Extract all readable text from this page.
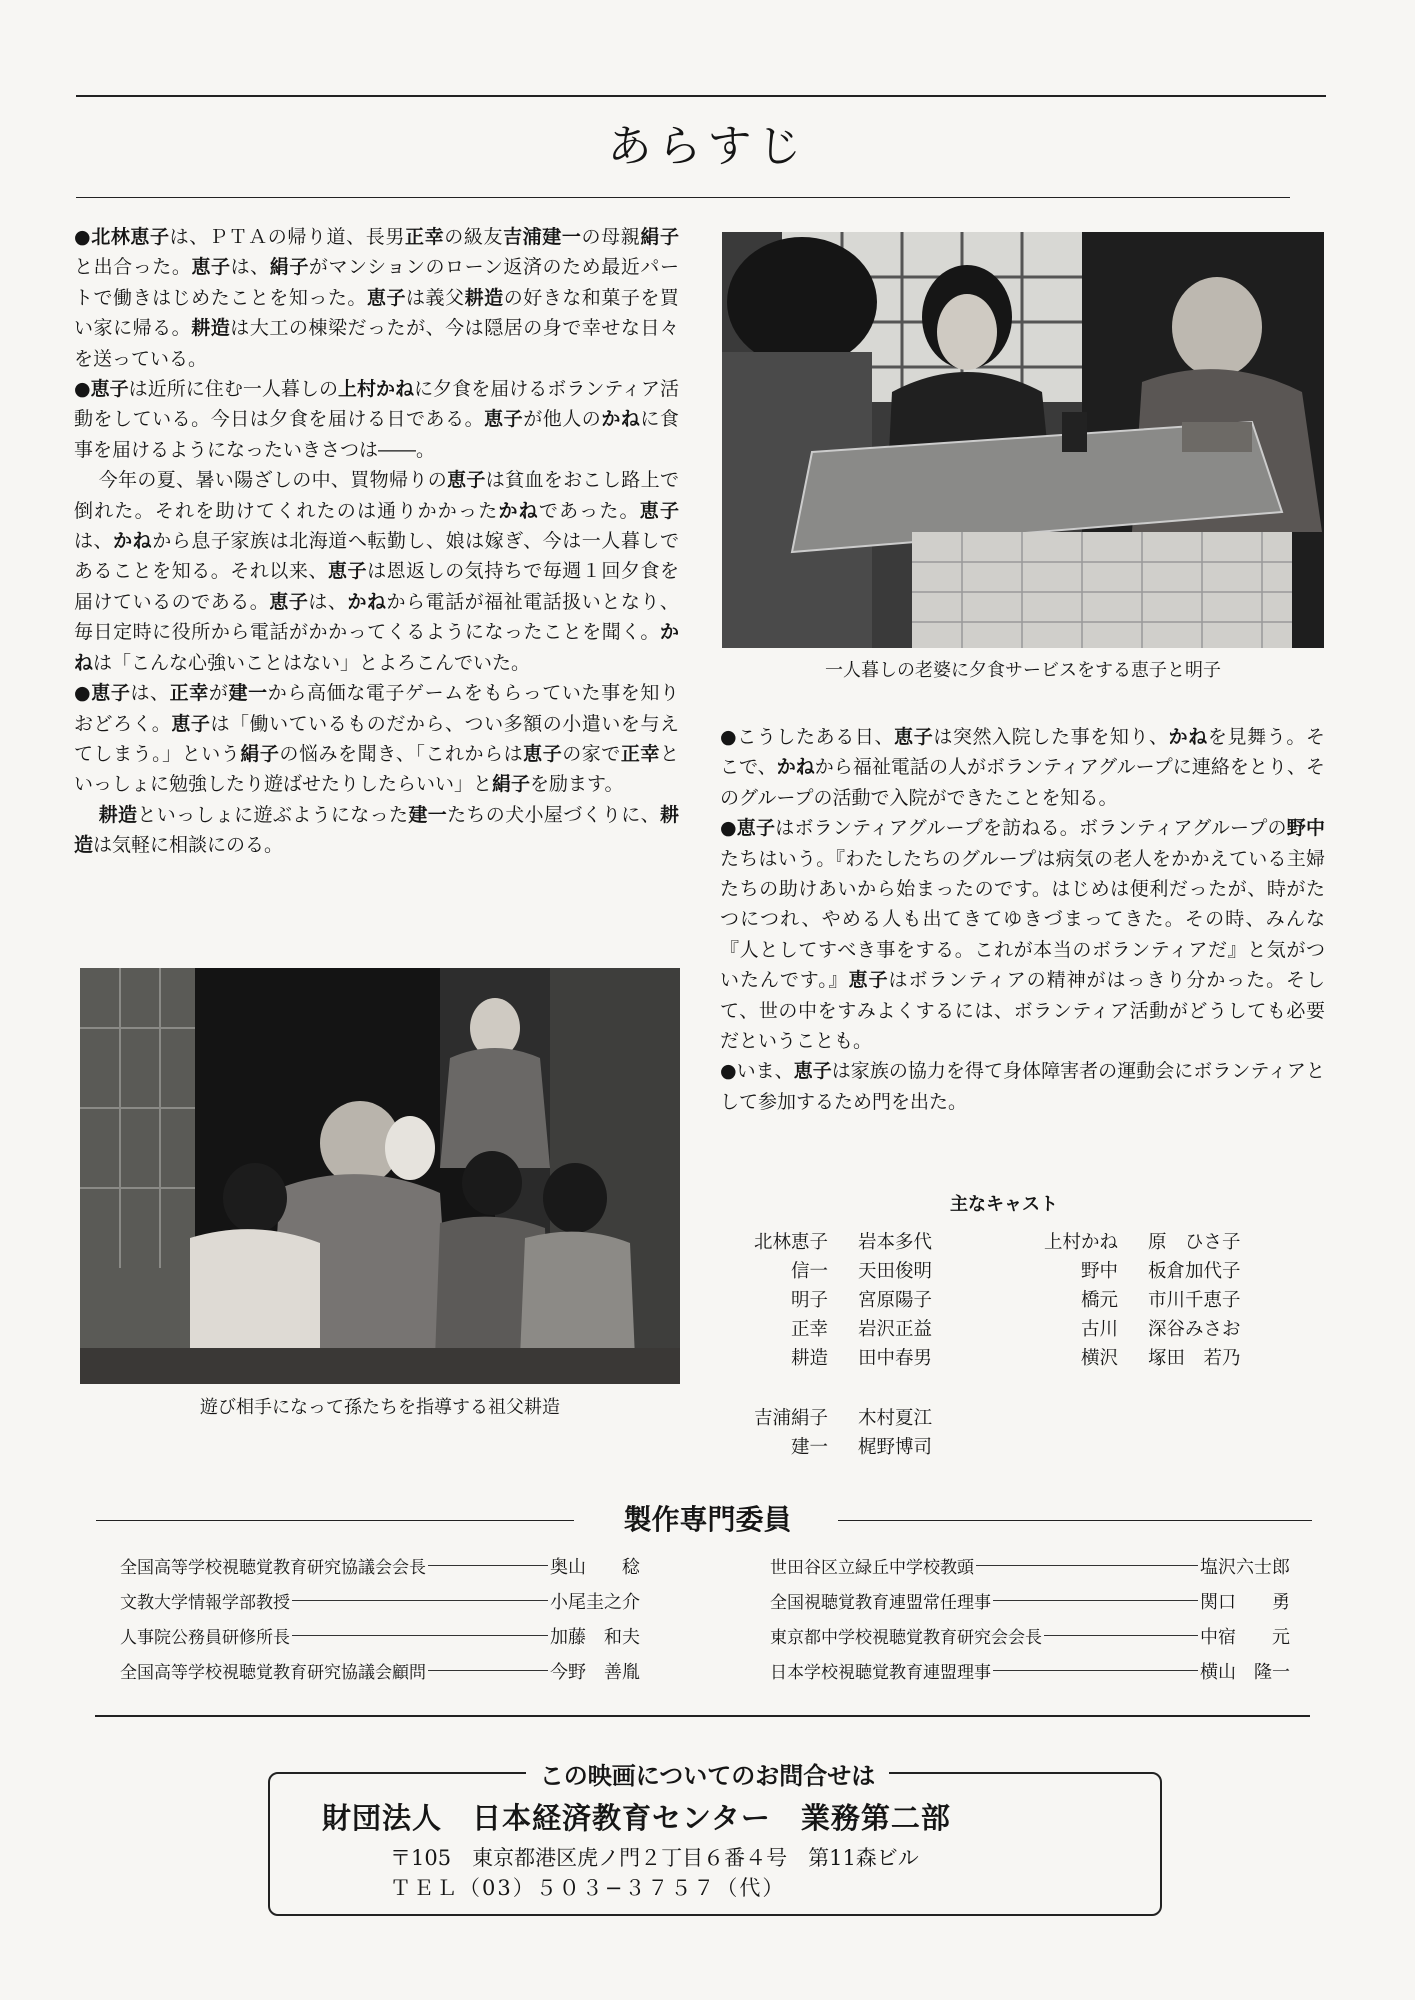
あらすじ

●北林恵子は、ＰＴＡの帰り道、長男正幸の級友吉浦建一の母親絹子と出合った。恵子は、絹子がマンションのローン返済のため最近パートで働きはじめたことを知った。恵子は義父耕造の好きな和菓子を買い家に帰る。耕造は大工の棟梁だったが、今は隠居の身で幸せな日々を送っている。

●恵子は近所に住む一人暮しの上村かねに夕食を届けるボランティア活動をしている。今日は夕食を届ける日である。恵子が他人のかねに食事を届けるようになったいきさつは――。

今年の夏、暑い陽ざしの中、買物帰りの恵子は貧血をおこし路上で倒れた。それを助けてくれたのは通りかかったかねであった。恵子は、かねから息子家族は北海道へ転勤し、娘は嫁ぎ、今は一人暮しであることを知る。それ以来、恵子は恩返しの気持ちで毎週１回夕食を届けているのである。恵子は、かねから電話が福祉電話扱いとなり、毎日定時に役所から電話がかかってくるようになったことを聞く。かねは「こんな心強いことはない」とよろこんでいた。

●恵子は、正幸が建一から高価な電子ゲームをもらっていた事を知りおどろく。恵子は「働いているものだから、つい多額の小遣いを与えてしまう。」という絹子の悩みを聞き、「これからは恵子の家で正幸といっしょに勉強したり遊ばせたりしたらいい」と絹子を励ます。

耕造といっしょに遊ぶようになった建一たちの犬小屋づくりに、耕造は気軽に相談にのる。

●こうしたある日、恵子は突然入院した事を知り、かねを見舞う。そこで、かねから福祉電話の人がボランティアグループに連絡をとり、そのグループの活動で入院ができたことを知る。

●恵子はボランティアグループを訪ねる。ボランティアグループの野中たちはいう。『わたしたちのグループは病気の老人をかかえている主婦たちの助けあいから始まったのです。はじめは便利だったが、時がたつにつれ、やめる人も出てきてゆきづまってきた。その時、みんな『人としてすべき事をする。これが本当のボランティアだ』と気がついたんです。』恵子はボランティアの精神がはっきり分かった。そして、世の中をすみよくするには、ボランティア活動がどうしても必要だということも。

●いま、恵子は家族の協力を得て身体障害者の運動会にボランティアとして参加するため門を出た。

一人暮しの老婆に夕食サービスをする恵子と明子
遊び相手になって孫たちを指導する祖父耕造
主なキャスト
北林恵子 岩本多代
信一 天田俊明
明子 宮原陽子
正幸 岩沢正益
耕造 田中春男
上村かね 原　ひさ子
野中 板倉加代子
橋元 市川千恵子
古川 深谷みさお
横沢 塚田　若乃
吉浦絹子 木村夏江
建一 梶野博司
製作専門委員
全国高等学校視聴覚教育研究協議会会長	奥山　　稔
文教大学情報学部教授	小尾圭之介
人事院公務員研修所長	加藤　和夫
全国高等学校視聴覚教育研究協議会顧問	今野　善胤
世田谷区立緑丘中学校教頭	塩沢六士郎
全国視聴覚教育連盟常任理事	関口　　勇
東京都中学校視聴覚教育研究会会長	中宿　　元
日本学校視聴覚教育連盟理事	横山　隆一
この映画についてのお問合せは
財団法人　日本経済教育センター　業務第二部
〒105　東京都港区虎ノ門２丁目６番４号　第11森ビル
ＴＥＬ（03）５０３−３７５７（代）
